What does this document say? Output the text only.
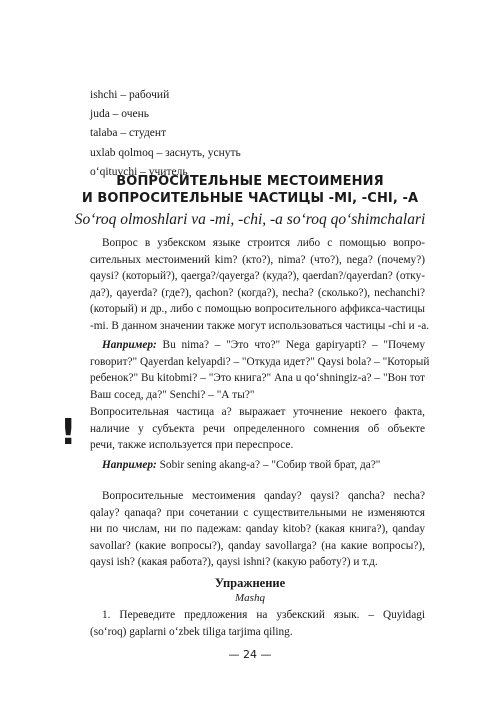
ishchi – рабочий
juda – очень
talaba – студент
uxlab qolmoq – заснуть, уснуть
o‘qituvchi – учитель
ВОПРОСИТЕЛЬНЫЕ МЕСТОИМЕНИЯ
И ВОПРОСИТЕЛЬНЫЕ ЧАСТИЦЫ -MI, -CHI, -A
So‘roq olmoshlari va -mi, -chi, -a so‘roq qo‘shimchalari
Вопрос в узбекском языке строится либо с помощью вопро-
сительных местоимений kim? (кто?), nima? (что?), nega? (почему?)
qaysi? (который?), qaerga?/qayerga? (куда?), qaerdan?/qayerdan? (отку-
да?), qayerda? (где?), qachon? (когда?), necha? (сколько?), nechanchi?
(который) и др., либо с помощью вопросительного аффикса-частицы
-mi. В данном значении также могут использоваться частицы -chi и -a.
Например: Bu nima? – "Это что?" Nega gapiryapti? – "Почему
говорит?" Qayerdan kelyapdi? – "Откуда идет?" Qaysi bola? – "Который
ребенок?" Bu kitobmi? – "Это книга?" Ana u qo‘shningiz-a? – "Вон тот
Ваш сосед, да?" Senchi? – "А ты?"
! Вопросительная частица a? выражает уточнение некоего факта,
наличие у субъекта речи определенного сомнения об объекте
речи, также используется при переспросе.
Например: Sobir sening akang-a? – "Собир твой брат, да?"
Вопросительные местоимения qanday? qaysi? qancha? necha?
qalay? qanaqa? при сочетании с существительными не изменяются
ни по числам, ни по падежам: qanday kitob? (какая книга?), qanday
savollar? (какие вопросы?), qanday savollarga? (на какие вопросы?),
qaysi ish? (какая работа?), qaysi ishni? (какую работу?) и т.д.
Упражнение
Mashq
1. Переведите предложения на узбекский язык. – Quyidagi
(so‘roq) gaplarni o‘zbek tiliga tarjima qiling.
— 24 —
